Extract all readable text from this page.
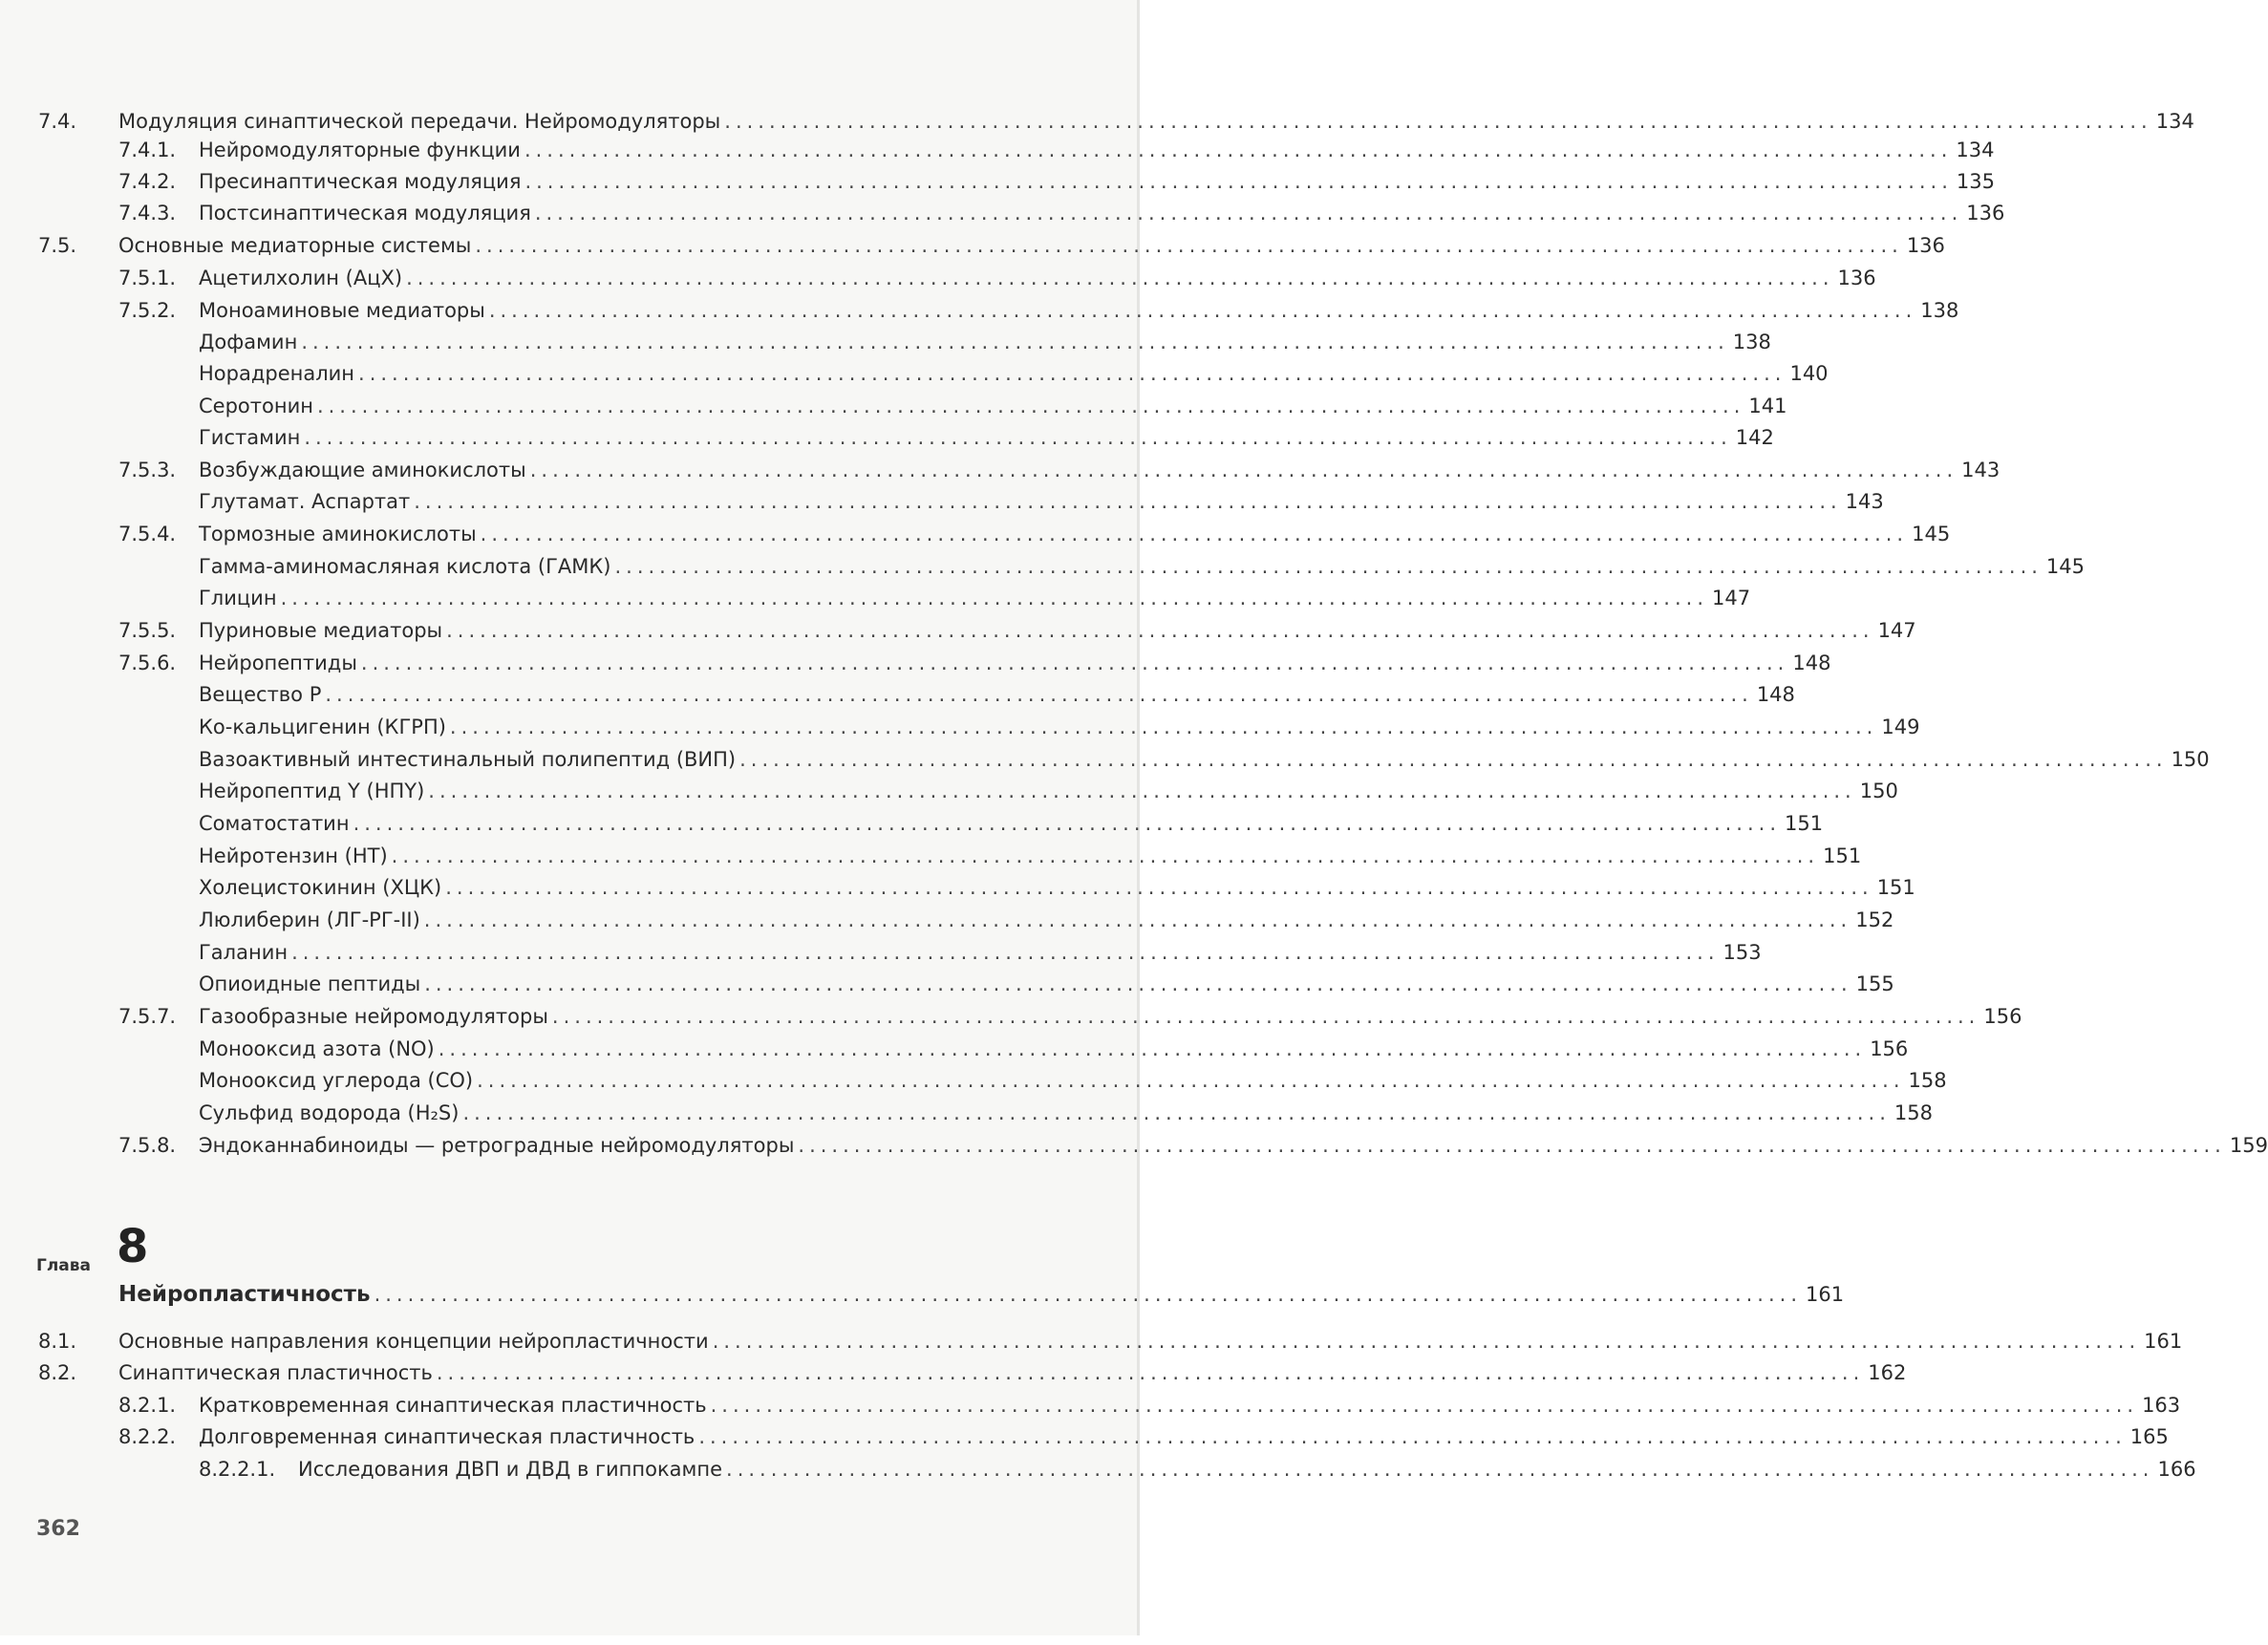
7.4. Модуляция синаптической передачи. Нейромодуляторы ................................................................................................................................ 134
7.4.1. Нейромодуляторные функции ................................................................................................................................ 134
7.4.2. Пресинаптическая модуляция ................................................................................................................................ 135
7.4.3. Постсинаптическая модуляция ................................................................................................................................ 136
7.5. Основные медиаторные системы ................................................................................................................................ 136
7.5.1. Ацетилхолин (АцХ) ................................................................................................................................ 136
7.5.2. Моноаминовые медиаторы ................................................................................................................................ 138
Дофамин ................................................................................................................................ 138
Норадреналин ................................................................................................................................ 140
Серотонин ................................................................................................................................ 141
Гистамин ................................................................................................................................ 142
7.5.3. Возбуждающие аминокислоты ................................................................................................................................ 143
Глутамат. Аспартат ................................................................................................................................ 143
7.5.4. Тормозные аминокислоты ................................................................................................................................ 145
Гамма-аминомасляная кислота (ГАМК) ................................................................................................................................ 145
Глицин ................................................................................................................................ 147
7.5.5. Пуриновые медиаторы ................................................................................................................................ 147
7.5.6. Нейропептиды ................................................................................................................................ 148
Вещество Р ................................................................................................................................ 148
Ко-кальцигенин (КГРП) ................................................................................................................................ 149
Вазоактивный интестинальный полипептид (ВИП) ................................................................................................................................ 150
Нейропептид Y (НПY) ................................................................................................................................ 150
Соматостатин ................................................................................................................................ 151
Нейротензин (НТ) ................................................................................................................................ 151
Холецистокинин (ХЦК) ................................................................................................................................ 151
Люлиберин (ЛГ-РГ-II) ................................................................................................................................ 152
Галанин ................................................................................................................................ 153
Опиоидные пептиды ................................................................................................................................ 155
7.5.7. Газообразные нейромодуляторы ................................................................................................................................ 156
Монооксид азота (NO) ................................................................................................................................ 156
Монооксид углерода (СО) ................................................................................................................................ 158
Сульфид водорода (H₂S) ................................................................................................................................ 158
7.5.8. Эндоканнабиноиды — ретроградные нейромодуляторы ................................................................................................................................ 159
Глава 8
Нейропластичность ................................................................................................................................ 161
8.1. Основные направления концепции нейропластичности ................................................................................................................................ 161
8.2. Синаптическая пластичность ................................................................................................................................ 162
8.2.1. Кратковременная синаптическая пластичность ................................................................................................................................ 163
8.2.2. Долговременная синаптическая пластичность ................................................................................................................................ 165
8.2.2.1. Исследования ДВП и ДВД в гиппокампе ................................................................................................................................ 166
362
